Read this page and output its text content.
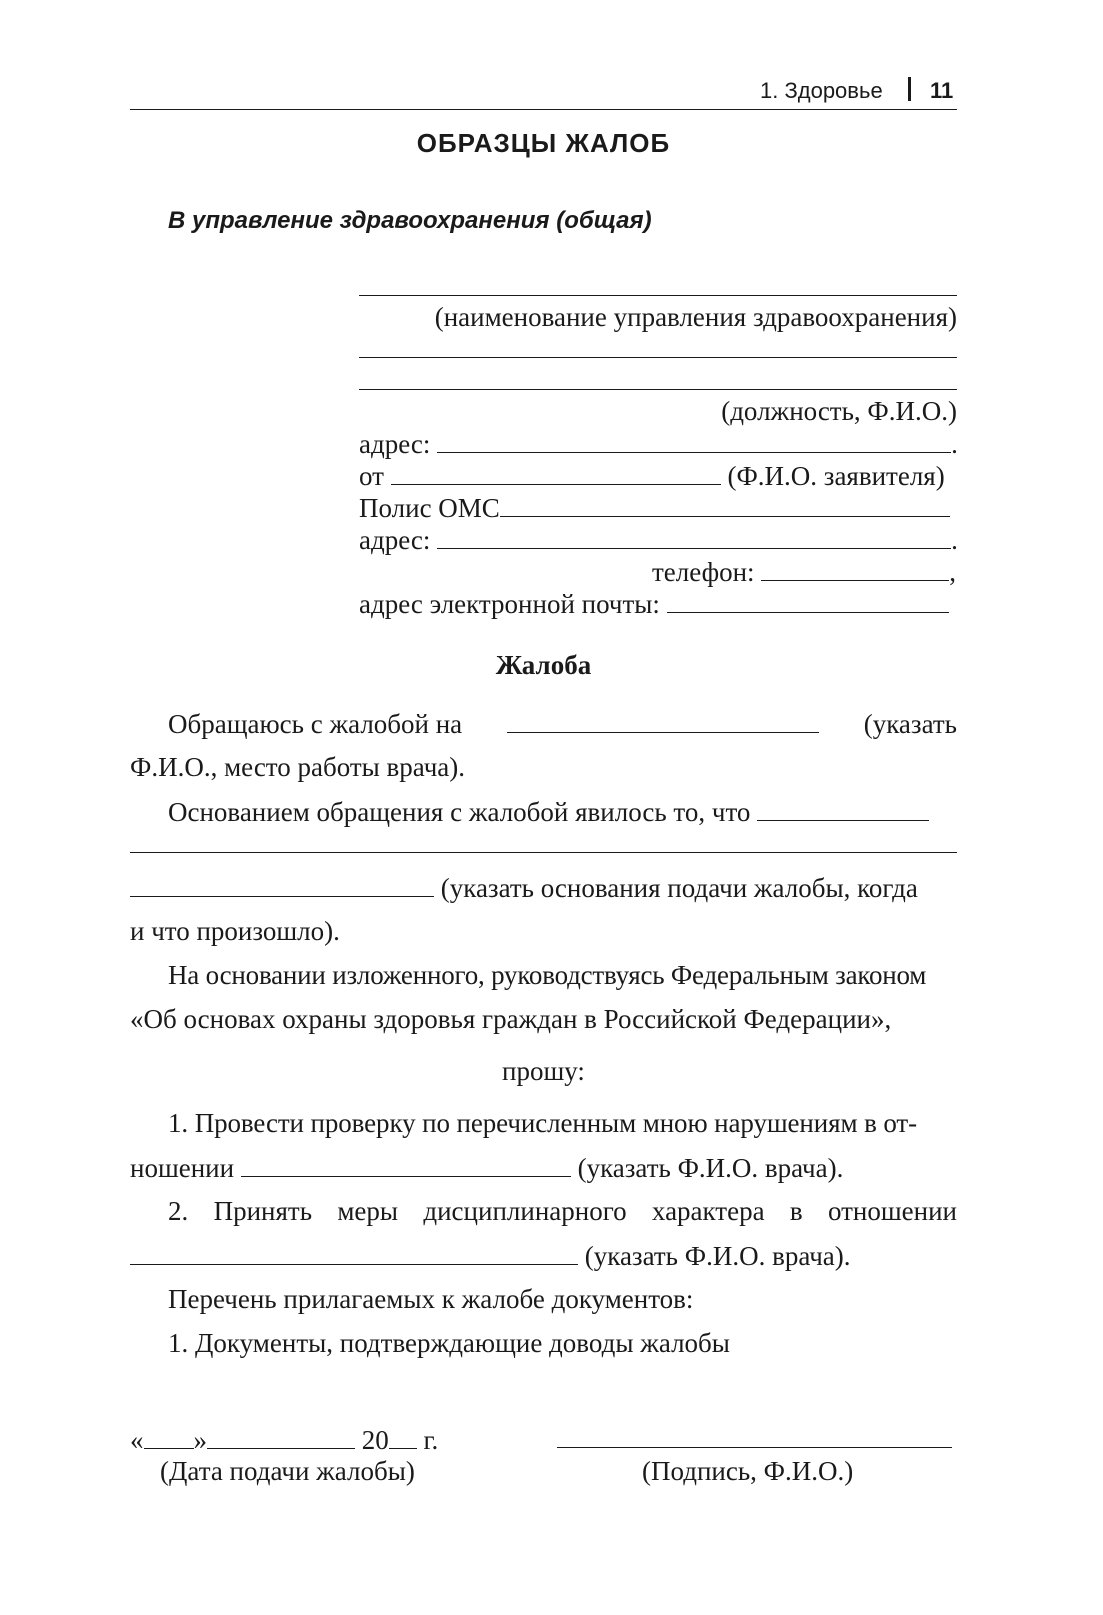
1. Здоровье 11
ОБРАЗЦЫ ЖАЛОБ
В управление здравоохранения (общая)
(наименование управления здравоохранения)
(должность, Ф.И.О.)
адрес:	.
от	(Ф.И.О. заявителя)
Полис ОМС
адрес:	.
телефон:	,
адрес электронной почты:
Жалоба
Обращаюсь с жалобой на	(указать
Ф.И.О., место работы врача).
Основанием обращения с жалобой явилось то, что
(указать основания подачи жалобы, когда
и что произошло).
На основании изложенного, руководствуясь Федеральным законом
«Об основах охраны здоровья граждан в Российской Федерации»,
прошу:
1. Провести проверку по перечисленным мною нарушениям в от-
ношении	(указать Ф.И.О. врача).
2. Принять меры дисциплинарного характера в отношении
(указать Ф.И.О. врача).
Перечень прилагаемых к жалобе документов:
1. Документы, подтверждающие доводы жалобы
« »	20 г.
(Дата подачи жалобы)	(Подпись, Ф.И.О.)
